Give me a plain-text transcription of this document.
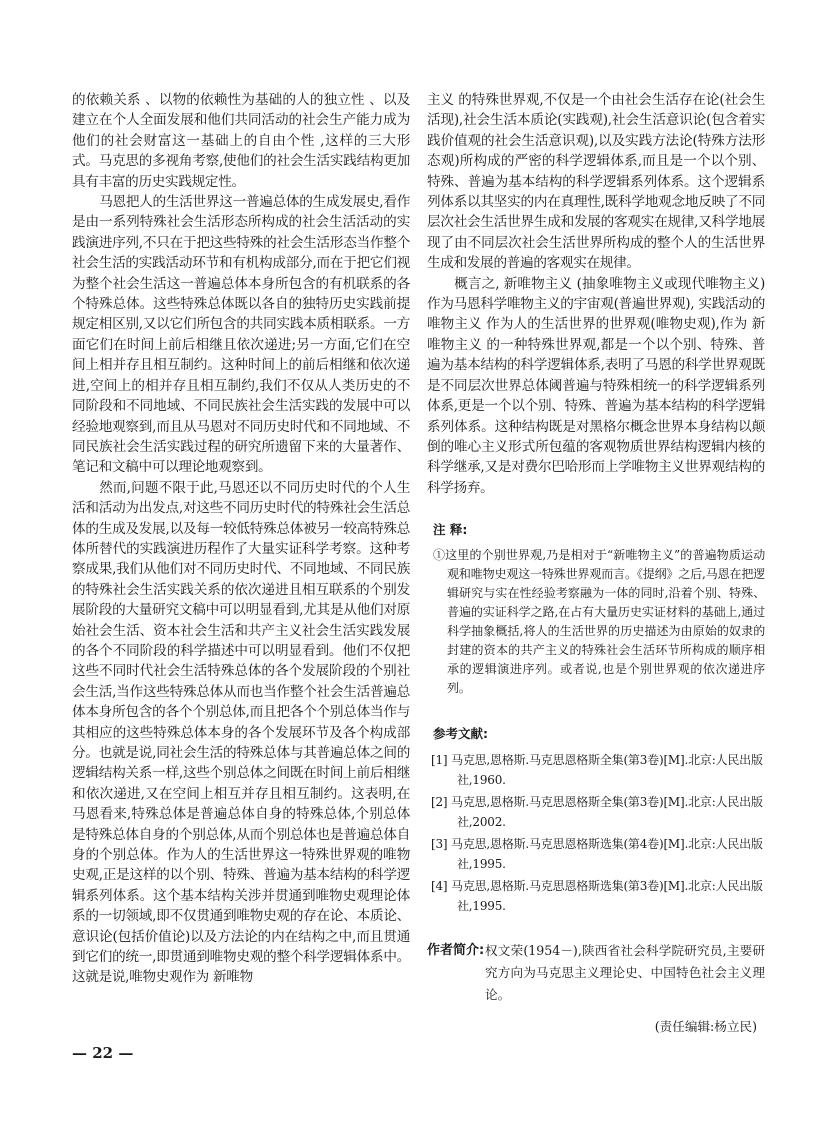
的依赖关系 、以物的依赖性为基础的人的独立性 、以及 建立在个人全面发展和他们共同活动的社会生产能力成为他们的社会财富这一基础上的自由个性 ,这样的三大形式。马克思的多视角考察,使他们的社会生活实践结构更加具有丰富的历史实践规定性。

马恩把人的生活世界这一普遍总体的生成发展史,看作是由一系列特殊社会生活形态所构成的社会生活活动的实践演进序列,不只在于把这些特殊的社会生活形态当作整个社会生活的实践活动环节和有机构成部分,而在于把它们视为整个社会生活这一普遍总体本身所包含的有机联系的各个特殊总体。这些特殊总体既以各自的独特历史实践前提规定相区别,又以它们所包含的共同实践本质相联系。一方面它们在时间上前后相继且依次递进;另一方面,它们在空间上相并存且相互制约。这种时间上的前后相继和依次递进,空间上的相并存且相互制约,我们不仅从人类历史的不同阶段和不同地域、不同民族社会生活实践的发展中可以经验地观察到,而且从马恩对不同历史时代和不同地域、不同民族社会生活实践过程的研究所遗留下来的大量著作、笔记和文稿中可以理论地观察到。

然而,问题不限于此,马恩还以不同历史时代的个人生活和活动为出发点,对这些不同历史时代的特殊社会生活总体的生成及发展,以及每一较低特殊总体被另一较高特殊总体所替代的实践演进历程作了大量实证科学考察。这种考察成果,我们从他们对不同历史时代、不同地域、不同民族的特殊社会生活实践关系的依次递进且相互联系的个别发展阶段的大量研究文稿中可以明显看到,尤其是从他们对原始社会生活、资本社会生活和共产主义社会生活实践发展的各个不同阶段的科学描述中可以明显看到。他们不仅把这些不同时代社会生活特殊总体的各个发展阶段的个别社会生活,当作这些特殊总体从而也当作整个社会生活普遍总体本身所包含的各个个别总体,而且把各个个别总体当作与其相应的这些特殊总体本身的各个发展环节及各个构成部分。也就是说,同社会生活的特殊总体与其普遍总体之间的逻辑结构关系一样,这些个别总体之间既在时间上前后相继和依次递进,又在空间上相互并存且相互制约。这表明,在马恩看来,特殊总体是普遍总体自身的特殊总体,个别总体是特殊总体自身的个别总体,从而个别总体也是普遍总体自身的个别总体。作为人的生活世界这一特殊世界观的唯物史观,正是这样的以个别、特殊、普遍为基本结构的科学逻辑系列体系。这个基本结构关涉并贯通到唯物史观理论体系的一切领域,即不仅贯通到唯物史观的存在论、本质论、意识论(包括价值论)以及方法论的内在结构之中,而且贯通到它们的统一,即贯通到唯物史观的整个科学逻辑体系中。这就是说,唯物史观作为 新唯物

主义 的特殊世界观,不仅是一个由社会生活存在论(社会生活现),社会生活本质论(实践观),社会生活意识论(包含着实践价值观的社会生活意识观),以及实践方法论(特殊方法形态观)所构成的严密的科学逻辑体系,而且是一个以个别、特殊、普遍为基本结构的科学逻辑系列体系。这个逻辑系列体系以其坚实的内在真理性,既科学地观念地反映了不同层次社会生活世界生成和发展的客观实在规律,又科学地展现了由不同层次社会生活世界所构成的整个人的生活世界生成和发展的普遍的客观实在规律。

概言之, 新唯物主义 (抽象唯物主义或现代唯物主义)作为马恩科学唯物主义的宇宙观(普遍世界观), 实践活动的唯物主义 作为人的生活世界的世界观(唯物史观),作为 新唯物主义 的一种特殊世界观,都是一个以个别、特殊、普遍为基本结构的科学逻辑体系,表明了马恩的科学世界观既是不同层次世界总体阈普遍与特殊相统一的科学逻辑系列体系,更是一个以个别、特殊、普遍为基本结构的科学逻辑系列体系。这种结构既是对黑格尔概念世界本身结构以颠倒的唯心主义形式所包蕴的客观物质世界结构逻辑内核的科学继承,又是对费尔巴哈形而上学唯物主义世界观结构的科学扬弃。

注 释:

①这里的个别世界观,乃是相对于“新唯物主义”的普遍物质运动观和唯物史观这一特殊世界观而言。《提纲》之后,马恩在把逻辑研究与实在性经验考察融为一体的同时,沿着个别、特殊、普遍的实证科学之路,在占有大量历史实证材料的基础上,通过科学抽象概括,将人的生活世界的历史描述为由原始的奴隶的封建的资本的共产主义的特殊社会生活环节所构成的顺序相承的逻辑演进序列。或者说,也是个别世界观的依次递进序列。

参考文献:
[1] 马克思,恩格斯.马克思恩格斯全集(第3卷)[M].北京:人民出版社,1960.
[2] 马克思,恩格斯.马克思恩格斯全集(第3卷)[M].北京:人民出版社,2002.
[3] 马克思,恩格斯.马克思恩格斯选集(第4卷)[M].北京:人民出版社,1995.
[4] 马克思,恩格斯.马克思恩格斯选集(第3卷)[M].北京:人民出版社,1995.
作者简介: 权文荣(1954－),陕西省社会科学院研究员,主要研究方向为马克思主义理论史、中国特色社会主义理论。
(责任编辑:杨立民)
— 22 —
